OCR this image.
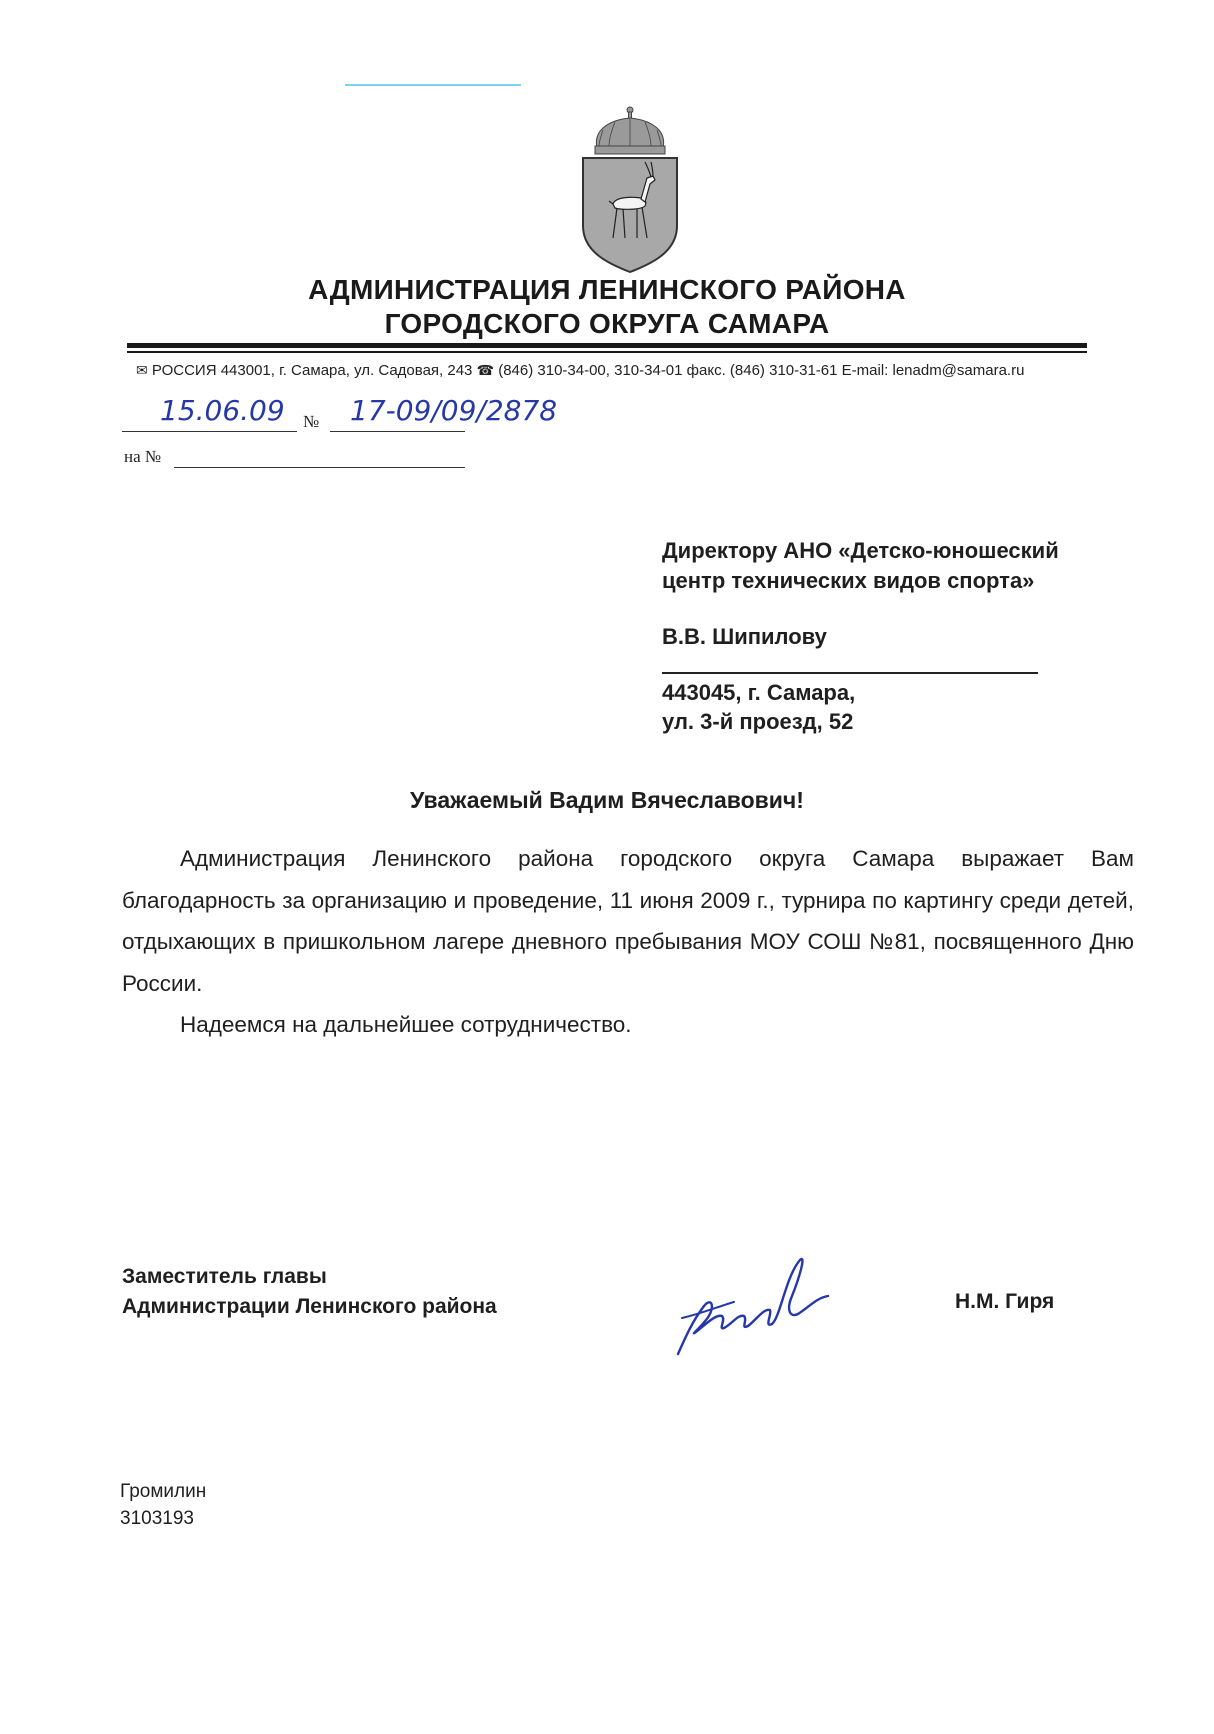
АДМИНИСТРАЦИЯ ЛЕНИНСКОГО РАЙОНА
ГОРОДСКОГО ОКРУГА САМАРА
✉ РОССИЯ 443001, г. Самара, ул. Садовая, 243 ☎ (846) 310-34-00, 310-34-01 факс. (846) 310-31-61 E-mail: lenadm@samara.ru
15.06.09 № 17-09/09/2878
на №
Директору АНО «Детско-юношеский
центр технических видов спорта»
В.В. Шипилову
443045, г. Самара,
ул. 3-й проезд, 52
Уважаемый Вадим Вячеславович!

Администрация Ленинского района городского округа Самара выражает Вам благодарность за организацию и проведение, 11 июня 2009 г., турнира по картингу среди детей, отдыхающих в пришкольном лагере дневного пребывания МОУ СОШ №81, посвященного Дню России.

Надеемся на дальнейшее сотрудничество.

Заместитель главы
Администрации Ленинского района	Н.М. Гиря
Громилин
3103193
